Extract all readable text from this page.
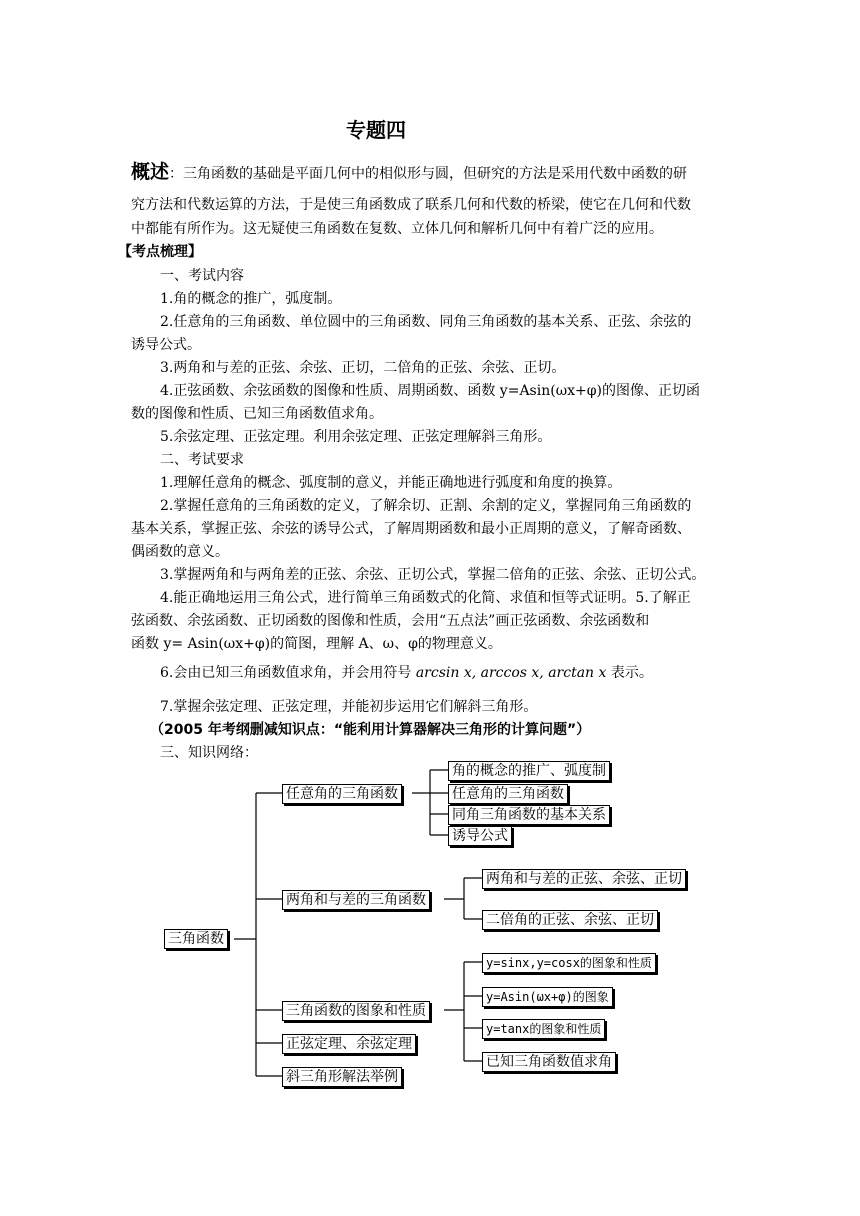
专题四
概述：三角函数的基础是平面几何中的相似形与圆，但研究的方法是采用代数中函数的研
究方法和代数运算的方法，于是使三角函数成了联系几何和代数的桥梁，使它在几何和代数
中都能有所作为。这无疑使三角函数在复数、立体几何和解析几何中有着广泛的应用。
【考点梳理】
一、考试内容
1.角的概念的推广，弧度制。
2.任意角的三角函数、单位圆中的三角函数、同角三角函数的基本关系、正弦、余弦的
诱导公式。
3.两角和与差的正弦、余弦、正切，二倍角的正弦、余弦、正切。
4.正弦函数、余弦函数的图像和性质、周期函数、函数 y=Asin(ωx+φ)的图像、正切函
数的图像和性质、已知三角函数值求角。
5.余弦定理、正弦定理。利用余弦定理、正弦定理解斜三角形。
二、考试要求
1.理解任意角的概念、弧度制的意义，并能正确地进行弧度和角度的换算。
2.掌握任意角的三角函数的定义，了解余切、正割、余割的定义，掌握同角三角函数的
基本关系，掌握正弦、余弦的诱导公式，了解周期函数和最小正周期的意义，了解奇函数、
偶函数的意义。
3.掌握两角和与两角差的正弦、余弦、正切公式，掌握二倍角的正弦、余弦、正切公式。
4.能正确地运用三角公式，进行简单三角函数式的化简、求值和恒等式证明。5.了解正
弦函数、余弦函数、正切函数的图像和性质，会用“五点法”画正弦函数、余弦函数和
函数 y= Asin(ωx+φ)的简图，理解 A、ω、φ的物理意义。
6.会由已知三角函数值求角，并会用符号 arcsin x, arccos x, arctan x 表示。
7.掌握余弦定理、正弦定理，并能初步运用它们解斜三角形。
（2005 年考纲删减知识点：“能利用计算器解决三角形的计算问题”）
三、知识网络：
三角函数
任意角的三角函数
角的概念的推广、弧度制
任意角的三角函数
同角三角函数的基本关系
诱导公式
两角和与差的三角函数
两角和与差的正弦、余弦、正切
二倍角的正弦、余弦、正切
三角函数的图象和性质
y=sinx,y=cosx的图象和性质
y=Asin(ωx+φ)的图象
y=tanx的图象和性质
已知三角函数值求角
正弦定理、余弦定理
斜三角形解法举例
